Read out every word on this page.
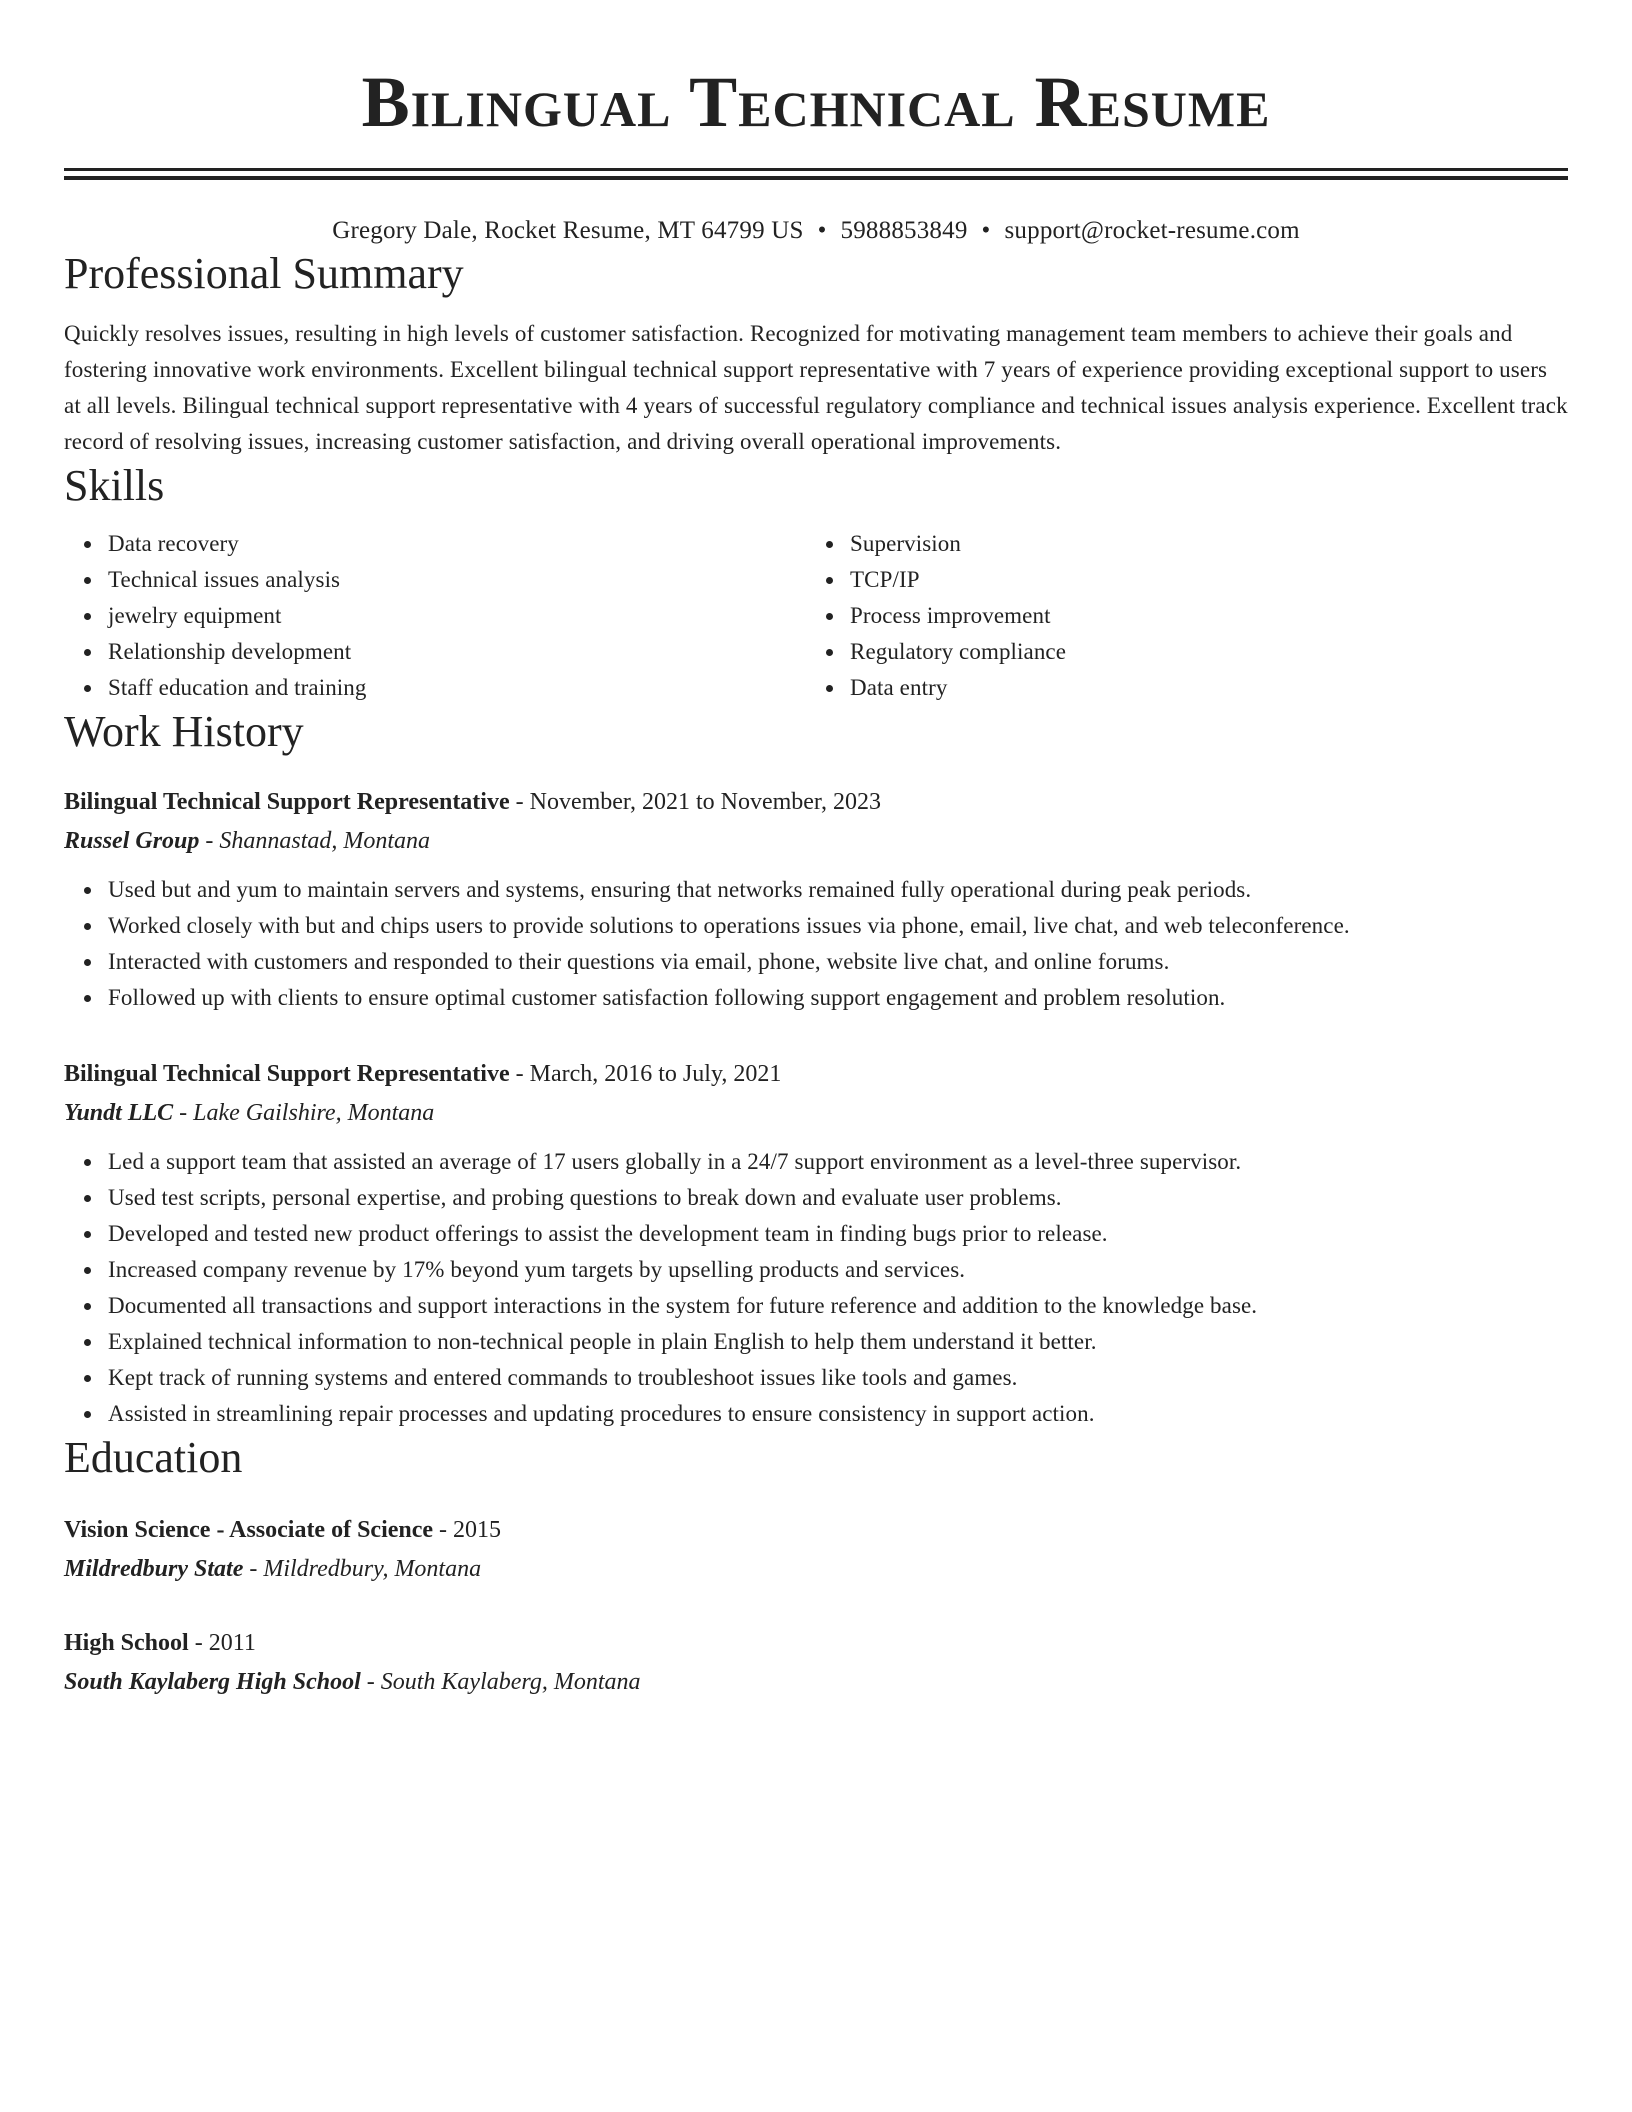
Bilingual Technical Resume
Gregory Dale, Rocket Resume, MT 64799 US • 5988853849 • support@rocket-resume.com
Professional Summary

Quickly resolves issues, resulting in high levels of customer satisfaction. Recognized for motivating management team members to achieve their goals and fostering innovative work environments. Excellent bilingual technical support representative with 7 years of experience providing exceptional support to users at all levels. Bilingual technical support representative with 4 years of successful regulatory compliance and technical issues analysis experience. Excellent track record of resolving issues, increasing customer satisfaction, and driving overall operational improvements.

Skills
Data recovery
Technical issues analysis
jewelry equipment
Relationship development
Staff education and training
Supervision
TCP/IP
Process improvement
Regulatory compliance
Data entry
Work History
Bilingual Technical Support Representative - November, 2021 to November, 2023
Russel Group - Shannastad, Montana
Used but and yum to maintain servers and systems, ensuring that networks remained fully operational during peak periods.
Worked closely with but and chips users to provide solutions to operations issues via phone, email, live chat, and web teleconference.
Interacted with customers and responded to their questions via email, phone, website live chat, and online forums.
Followed up with clients to ensure optimal customer satisfaction following support engagement and problem resolution.
Bilingual Technical Support Representative - March, 2016 to July, 2021
Yundt LLC - Lake Gailshire, Montana
Led a support team that assisted an average of 17 users globally in a 24/7 support environment as a level-three supervisor.
Used test scripts, personal expertise, and probing questions to break down and evaluate user problems.
Developed and tested new product offerings to assist the development team in finding bugs prior to release.
Increased company revenue by 17% beyond yum targets by upselling products and services.
Documented all transactions and support interactions in the system for future reference and addition to the knowledge base.
Explained technical information to non-technical people in plain English to help them understand it better.
Kept track of running systems and entered commands to troubleshoot issues like tools and games.
Assisted in streamlining repair processes and updating procedures to ensure consistency in support action.
Education
Vision Science - Associate of Science - 2015
Mildredbury State - Mildredbury, Montana
High School - 2011
South Kaylaberg High School - South Kaylaberg, Montana
